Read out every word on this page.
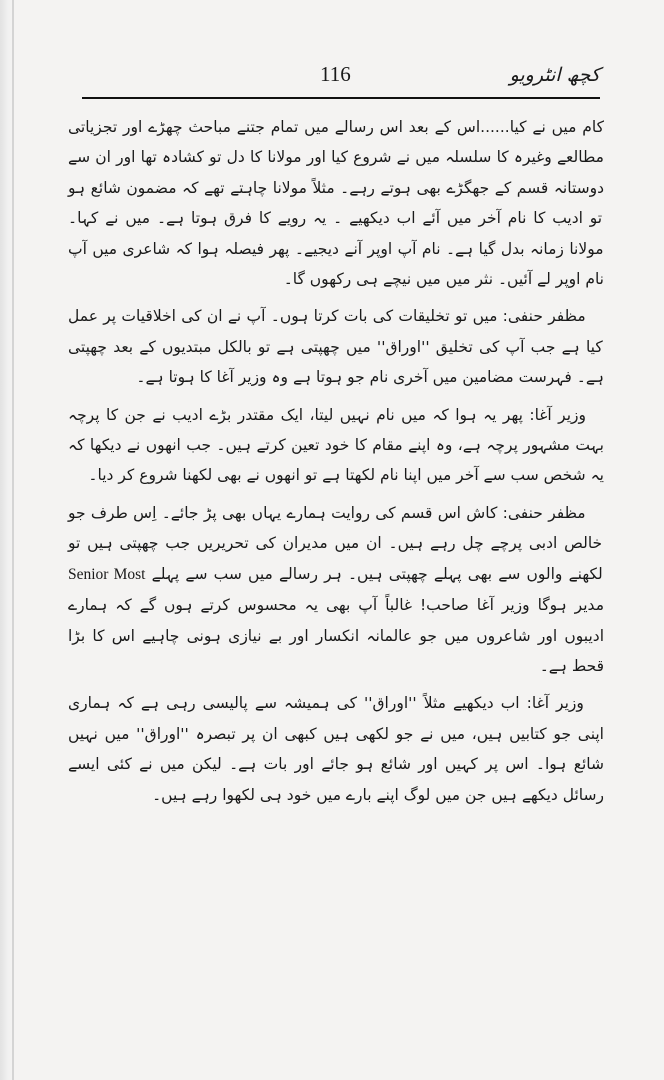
کچھ انٹرویو
116
کام میں نے کیا......اس کے بعد اس رسالے میں تمام جتنے مباحث چھڑے اورتجزیاتی مطالعے وغیرہ کا سلسلہ میں نے شروع کیا اور مولانا کا دل تو کشادہ تھا اور انسے دوستانہ قسم کے جھگڑے بھی ہوتے رہے۔ مثلاً مولانا چاہتے تھے کہ مضمون شائعہو تو ادیب کا نام آخر میں آئے اب دیکھیے ۔ یہ رویے کا فرق ہوتا ہے۔ میں نے کہا۔مولانا زمانہ بدل گیا ہے۔ نام آپ اوپر آنے دیجیے۔ پھر فیصلہ ہوا کہ شاعری میں آپنام اوپر لے آئیں۔ نثر میں میں نیچے ہی رکھوں گا۔
مظفر حنفی: میں تو تخلیقات کی بات کرتا ہوں۔ آپ نے ان کی اخلاقیات پر عملکیا ہے جب آپ کی تخلیق ''اوراق'' میں چھپتی ہے تو بالکل مبتدیوں کے بعد چھپتیہے۔ فہرست مضامین میں آخری نام جو ہوتا ہے وہ وزیر آغا کا ہوتا ہے۔
وزیر آغا: پھر یہ ہوا کہ میں نام نہیں لیتا، ایک مقتدر بڑے ادیب نے جن کاپرچہ بہت مشہور پرچہ ہے، وہ اپنے مقام کا خود تعین کرتے ہیں۔ جب انھوں نےدیکھا کہ یہ شخص سب سے آخر میں اپنا نام لکھتا ہے تو انھوں نے بھی لکھنا شروع کر دیا۔
مظفر حنفی: کاش اس قسم کی روایت ہمارے یہاں بھی پڑ جائے۔ اِس طرف جوخالص ادبی پرچے چل رہے ہیں۔ ان میں مدیران کی تحریریں جب چھپتی ہیں تولکھنے والوں سے بھی پہلے چھپتی ہیں۔ ہر رسالے میں سب سے پہلے Senior Mostمدیر ہوگا وزیر آغا صاحب! غالباً آپ بھی یہ محسوس کرتے ہوں گے کہ ہمارے ادیبوںاور شاعروں میں جو عالمانہ انکسار اور بے نیازی ہونی چاہیے اس کا بڑا قحط ہے۔
وزیر آغا: اب دیکھیے مثلاً ''اوراق'' کی ہمیشہ سے پالیسی رہی ہے کہ ہماریاپنی جو کتابیں ہیں، میں نے جو لکھی ہیں کبھی ان پر تبصرہ ''اوراق'' میں نہیں شائع ہوا۔اس پر کہیں اور شائع ہو جائے اور بات ہے۔ لیکن میں نے کئی ایسے رسائل دیکھے ہیںجن میں لوگ اپنے بارے میں خود ہی لکھوا رہے ہیں۔
